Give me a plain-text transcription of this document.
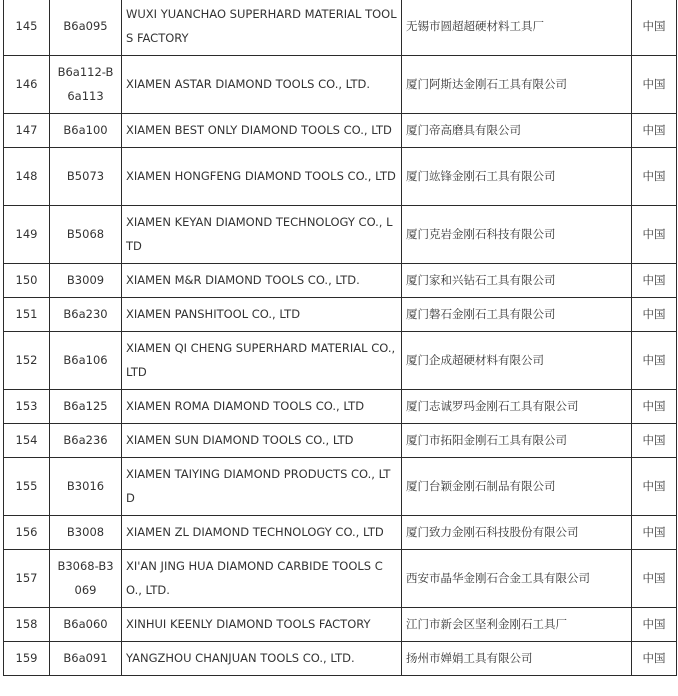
145	B6a095	WUXI YUANCHAO SUPERHARD MATERIAL TOOLS FACTORY	无锡市圆超超硬材料工具厂	中国
146	B6a112-B6a113	XIAMEN ASTAR DIAMOND TOOLS CO., LTD.	厦门阿斯达金刚石工具有限公司	中国
147	B6a100	XIAMEN BEST ONLY DIAMOND TOOLS CO., LTD	厦门帝高磨具有限公司	中国
148	B5073	XIAMEN HONGFENG DIAMOND TOOLS CO., LTD	厦门竑锋金刚石工具有限公司	中国
149	B5068	XIAMEN KEYAN DIAMOND TECHNOLOGY CO., LTD	厦门克岩金刚石科技有限公司	中国
150	B3009	XIAMEN M&R DIAMOND TOOLS CO., LTD.	厦门家和兴钻石工具有限公司	中国
151	B6a230	XIAMEN PANSHITOOL CO., LTD	厦门磐石金刚石工具有限公司	中国
152	B6a106	XIAMEN QI CHENG SUPERHARD MATERIAL CO., LTD	厦门企成超硬材料有限公司	中国
153	B6a125	XIAMEN ROMA DIAMOND TOOLS CO., LTD	厦门志诚罗玛金刚石工具有限公司	中国
154	B6a236	XIAMEN SUN DIAMOND TOOLS CO., LTD	厦门市拓阳金刚石工具有限公司	中国
155	B3016	XIAMEN TAIYING DIAMOND PRODUCTS CO., LTD	厦门台颖金刚石制品有限公司	中国
156	B3008	XIAMEN ZL DIAMOND TECHNOLOGY CO., LTD	厦门致力金刚石科技股份有限公司	中国
157	B3068-B3069	XI'AN JING HUA DIAMOND CARBIDE TOOLS CO., LTD.	西安市晶华金刚石合金工具有限公司	中国
158	B6a060	XINHUI KEENLY DIAMOND TOOLS FACTORY	江门市新会区坚利金刚石工具厂	中国
159	B6a091	YANGZHOU CHANJUAN TOOLS CO., LTD.	扬州市婵娟工具有限公司	中国
